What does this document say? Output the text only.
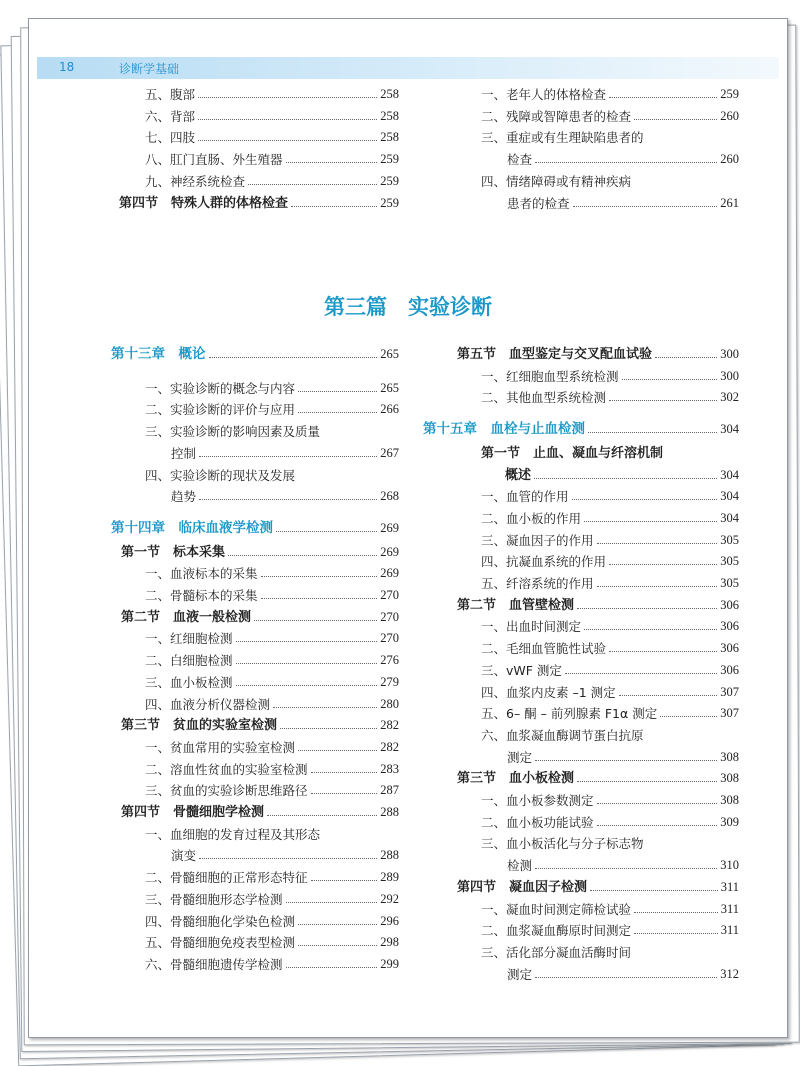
18	诊断学基础
五、腹部	258
六、背部	258
七、四肢	258
八、肛门直肠、外生殖器	259
九、神经系统检查	259
第四节　特殊人群的体格检查	259
一、老年人的体格检查	259
二、残障或智障患者的检查	260
三、重症或有生理缺陷患者的
检查	260
四、情绪障碍或有精神疾病
患者的检查	261
第三篇　实验诊断
第十三章　概论	265
一、实验诊断的概念与内容	265
二、实验诊断的评价与应用	266
三、实验诊断的影响因素及质量
控制	267
四、实验诊断的现状及发展
趋势	268
第十四章　临床血液学检测	269
第一节　标本采集	269
一、血液标本的采集	269
二、骨髓标本的采集	270
第二节　血液一般检测	270
一、红细胞检测	270
二、白细胞检测	276
三、血小板检测	279
四、血液分析仪器检测	280
第三节　贫血的实验室检测	282
一、贫血常用的实验室检测	282
二、溶血性贫血的实验室检测	283
三、贫血的实验诊断思维路径	287
第四节　骨髓细胞学检测	288
一、血细胞的发育过程及其形态
演变	288
二、骨髓细胞的正常形态特征	289
三、骨髓细胞形态学检测	292
四、骨髓细胞化学染色检测	296
五、骨髓细胞免疫表型检测	298
六、骨髓细胞遗传学检测	299
第五节　血型鉴定与交叉配血试验	300
一、红细胞血型系统检测	300
二、其他血型系统检测	302
第十五章　血栓与止血检测	304
第一节　止血、凝血与纤溶机制
概述	304
一、血管的作用	304
二、血小板的作用	304
三、凝血因子的作用	305
四、抗凝血系统的作用	305
五、纤溶系统的作用	305
第二节　血管壁检测	306
一、出血时间测定	306
二、毛细血管脆性试验	306
三、vWF 测定	306
四、血浆内皮素 –1 测定	307
五、6– 酮 – 前列腺素 F1α 测定	307
六、血浆凝血酶调节蛋白抗原
测定	308
第三节　血小板检测	308
一、血小板参数测定	308
二、血小板功能试验	309
三、血小板活化与分子标志物
检测	310
第四节　凝血因子检测	311
一、凝血时间测定筛检试验	311
二、血浆凝血酶原时间测定	311
三、活化部分凝血活酶时间
测定	312
